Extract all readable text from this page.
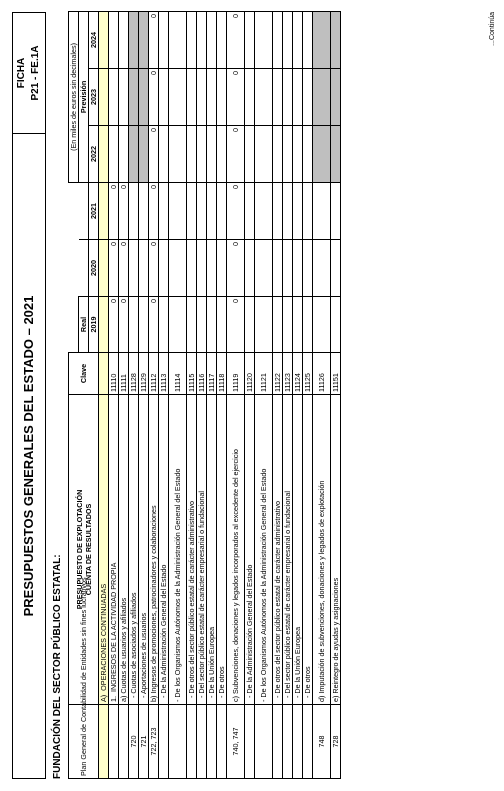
PRESUPUESTOS GENERALES DEL ESTADO – 2021
FICHA P21 - FE.1A
FUNDACIÓN DEL SECTOR PÚBLICO ESTATAL: Plan General de Contabilidad de Entidades sin fines lucrativos	PRESUPUESTO DE EXPLOTACIÓN CUENTA DE RESULTADOS	Clave				(En miles de euros sin decimales)		
			Real			Previsión		
			2019	2020	2021	2022	2023	2024
	A)  OPERACIONES CONTINUADAS							
	1.  INGRESOS DE LA ACTIVIDAD PROPIA	11110	0	0	0			
	a) Cuotas de usuarios y afiliados	11111	0	0	0			
720	- Cuotas de asociados y afiliados	11128						
721	- Aportaciones de usuarios	11129						
722, 723	b) Ingresos de promociones, patrocinadores y colaboraciones	11112	0	0	0	0	0	0
	- De la Administración General del Estado	11113						
	- De los Organismos Autónomos de la Administración General del Estado	11114						
	- De otros del sector público estatal de carácter administrativo	11115						
	- Del sector público estatal de carácter empresarial o fundacional	11116						
	- De la Unión Europea	11117						
	- De otros	11118						
740, 747	c) Subvenciones, donaciones y legados incorporados al excedente del ejercicio	11119	0	0	0	0	0	0
	- De la Administración General del Estado	11120						
	- De los Organismos Autónomos de la Administración General del Estado	11121						
	- De otros del sector público estatal de carácter administrativo	11122						
	- Del sector público estatal de carácter empresarial o fundacional	11123						
	- De la Unión Europea	11124						
	- De otros	11125						
748	d) Imputación de subvenciones, donaciones y legados de explotación	11126						
728	e) Reintegro de ayudas y asignaciones	11151						
...Continúa
